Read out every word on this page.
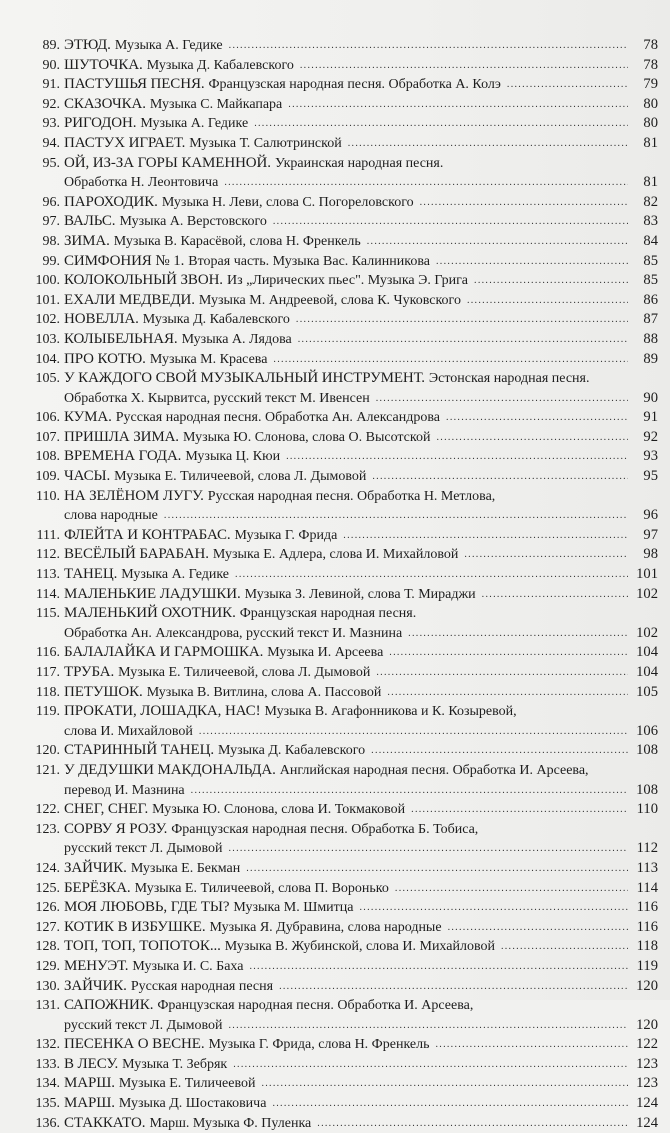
89. ЭТЮД. Музыка А. Гедике .....	78
90. ШУТОЧКА. Музыка Д. Кабалевского .....	78
91. ПАСТУШЬЯ ПЕСНЯ. Французская народная песня. Обработка А. Колэ .....	79
92. СКАЗОЧКА. Музыка С. Майкапара .....	80
93. РИГОДОН. Музыка А. Гедике .....	80
94. ПАСТУХ ИГРАЕТ. Музыка Т. Салютринской .....	81
95. ОЙ, ИЗ-ЗА ГОРЫ КАМЕННОЙ. Украинская народная песня.
Обработка Н. Леонтовича .....	81
96. ПАРОХОДИК. Музыка Н. Леви, слова С. Погореловского .....	82
97. ВАЛЬС. Музыка А. Верстовского .....	83
98. ЗИМА. Музыка В. Карасёвой, слова Н. Френкель .....	84
99. СИМФОНИЯ № 1. Вторая часть. Музыка Вас. Калинникова .....	85
100. КОЛОКОЛЬНЫЙ ЗВОН. Из „Лирических пьес". Музыка Э. Грига .....	85
101. ЕХАЛИ МЕДВЕДИ. Музыка М. Андреевой, слова К. Чуковского .....	86
102. НОВЕЛЛА. Музыка Д. Кабалевского .....	87
103. КОЛЫБЕЛЬНАЯ. Музыка А. Лядова .....	88
104. ПРО КОТЮ. Музыка М. Красева .....	89
105. У КАЖДОГО СВОЙ МУЗЫКАЛЬНЫЙ ИНСТРУМЕНТ. Эстонская народная песня.
Обработка Х. Кырвитса, русский текст М. Ивенсен .....	90
106. КУМА. Русская народная песня. Обработка Ан. Александрова .....	91
107. ПРИШЛА ЗИМА. Музыка Ю. Слонова, слова О. Высотской .....	92
108. ВРЕМЕНА ГОДА. Музыка Ц. Кюи .....	93
109. ЧАСЫ. Музыка Е. Тиличеевой, слова Л. Дымовой .....	95
110. НА ЗЕЛЁНОМ ЛУГУ. Русская народная песня. Обработка Н. Метлова,
слова народные .....	96
111. ФЛЕЙТА И КОНТРАБАС. Музыка Г. Фрида .....	97
112. ВЕСЁЛЫЙ БАРАБАН. Музыка Е. Адлера, слова И. Михайловой .....	98
113. ТАНЕЦ. Музыка А. Гедике .....	101
114. МАЛЕНЬКИЕ ЛАДУШКИ. Музыка З. Левиной, слова Т. Мираджи .....	102
115. МАЛЕНЬКИЙ ОХОТНИК. Французская народная песня.
Обработка Ан. Александрова, русский текст И. Мазнина .....	102
116. БАЛАЛАЙКА И ГАРМОШКА. Музыка И. Арсеева .....	104
117. ТРУБА. Музыка Е. Тиличеевой, слова Л. Дымовой .....	104
118. ПЕТУШОК. Музыка В. Витлина, слова А. Пассовой .....	105
119. ПРОКАТИ, ЛОШАДКА, НАС! Музыка В. Агафонникова и К. Козыревой,
слова И. Михайловой .....	106
120. СТАРИННЫЙ ТАНЕЦ. Музыка Д. Кабалевского .....	108
121. У ДЕДУШКИ МАКДОНАЛЬДА. Английская народная песня. Обработка И. Арсеева,
перевод И. Мазнина .....	108
122. СНЕГ, СНЕГ. Музыка Ю. Слонова, слова И. Токмаковой .....	110
123. СОРВУ Я РОЗУ. Французская народная песня. Обработка Б. Тобиса,
русский текст Л. Дымовой .....	112
124. ЗАЙЧИК. Музыка Е. Бекман .....	113
125. БЕРЁЗКА. Музыка Е. Тиличеевой, слова П. Воронько .....	114
126. МОЯ ЛЮБОВЬ, ГДЕ ТЫ? Музыка М. Шмитца .....	116
127. КОТИК В ИЗБУШКЕ. Музыка Я. Дубравина, слова народные .....	116
128. ТОП, ТОП, ТОПОТОК... Музыка В. Жубинской, слова И. Михайловой .....	118
129. МЕНУЭТ. Музыка И. С. Баха .....	119
130. ЗАЙЧИК. Русская народная песня .....	120
131. САПОЖНИК. Французская народная песня. Обработка И. Арсеева,
русский текст Л. Дымовой .....	120
132. ПЕСЕНКА О ВЕСНЕ. Музыка Г. Фрида, слова Н. Френкель .....	122
133. В ЛЕСУ. Музыка Т. Зебряк .....	123
134. МАРШ. Музыка Е. Тиличеевой .....	123
135. МАРШ. Музыка Д. Шостаковича .....	124
136. СТАККАТО. Марш. Музыка Ф. Пуленка .....	124
